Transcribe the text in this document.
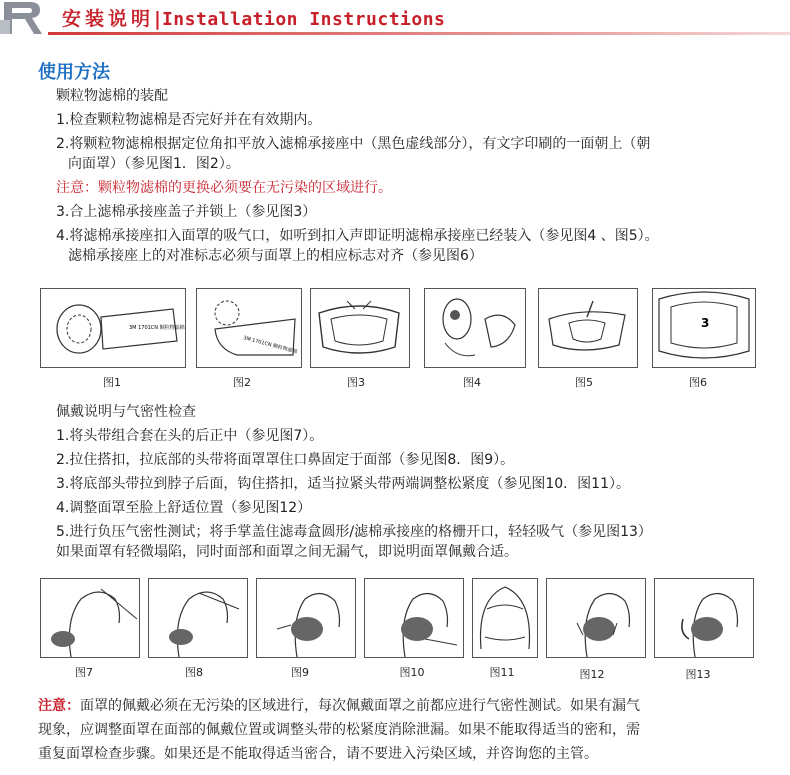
安装说明|Installation Instructions
使用方法
颗粒物滤棉的装配
1.检查颗粒物滤棉是否完好并在有效期内。
2.将颗粒物滤棉根据定位角扣平放入滤棉承接座中（黑色虚线部分），有文字印刷的一面朝上（朝
向面罩）（参见图1．图2）。
注意：颗粒物滤棉的更换必须要在无污染的区域进行。
3.合上滤棉承接座盖子并锁上（参见图3）
4.将滤棉承接座扣入面罩的吸气口，如听到扣入声即证明滤棉承接座已经装入（参见图4 、图5）。
滤棉承接座上的对准标志必须与面罩上的相应标志对齐（参见图6）
3M 1701CN 颗粒物滤棉
3M 1701CN 颗粒物滤棉
3
图1	图2	图3	图4	图5	图6
佩戴说明与气密性检查
1.将头带组合套在头的后正中（参见图7）。
2.拉住搭扣，拉底部的头带将面罩罩住口鼻固定于面部（参见图8．图9）。
3.将底部头带拉到脖子后面，钩住搭扣，适当拉紧头带两端调整松紧度（参见图10．图11）。
4.调整面罩至脸上舒适位置（参见图12）
5.进行负压气密性测试；将手掌盖住滤毒盒圆形/滤棉承接座的格栅开口，轻轻吸气（参见图13）
如果面罩有轻微塌陷，同时面部和面罩之间无漏气，即说明面罩佩戴合适。
图7	图8	图9	图10	图11	图12	图13
注意：面罩的佩戴必须在无污染的区域进行，每次佩戴面罩之前都应进行气密性测试。如果有漏气
现象，应调整面罩在面部的佩戴位置或调整头带的松紧度消除泄漏。如果不能取得适当的密和，需
重复面罩检查步骤。如果还是不能取得适当密合，请不要进入污染区域，并咨询您的主管。
